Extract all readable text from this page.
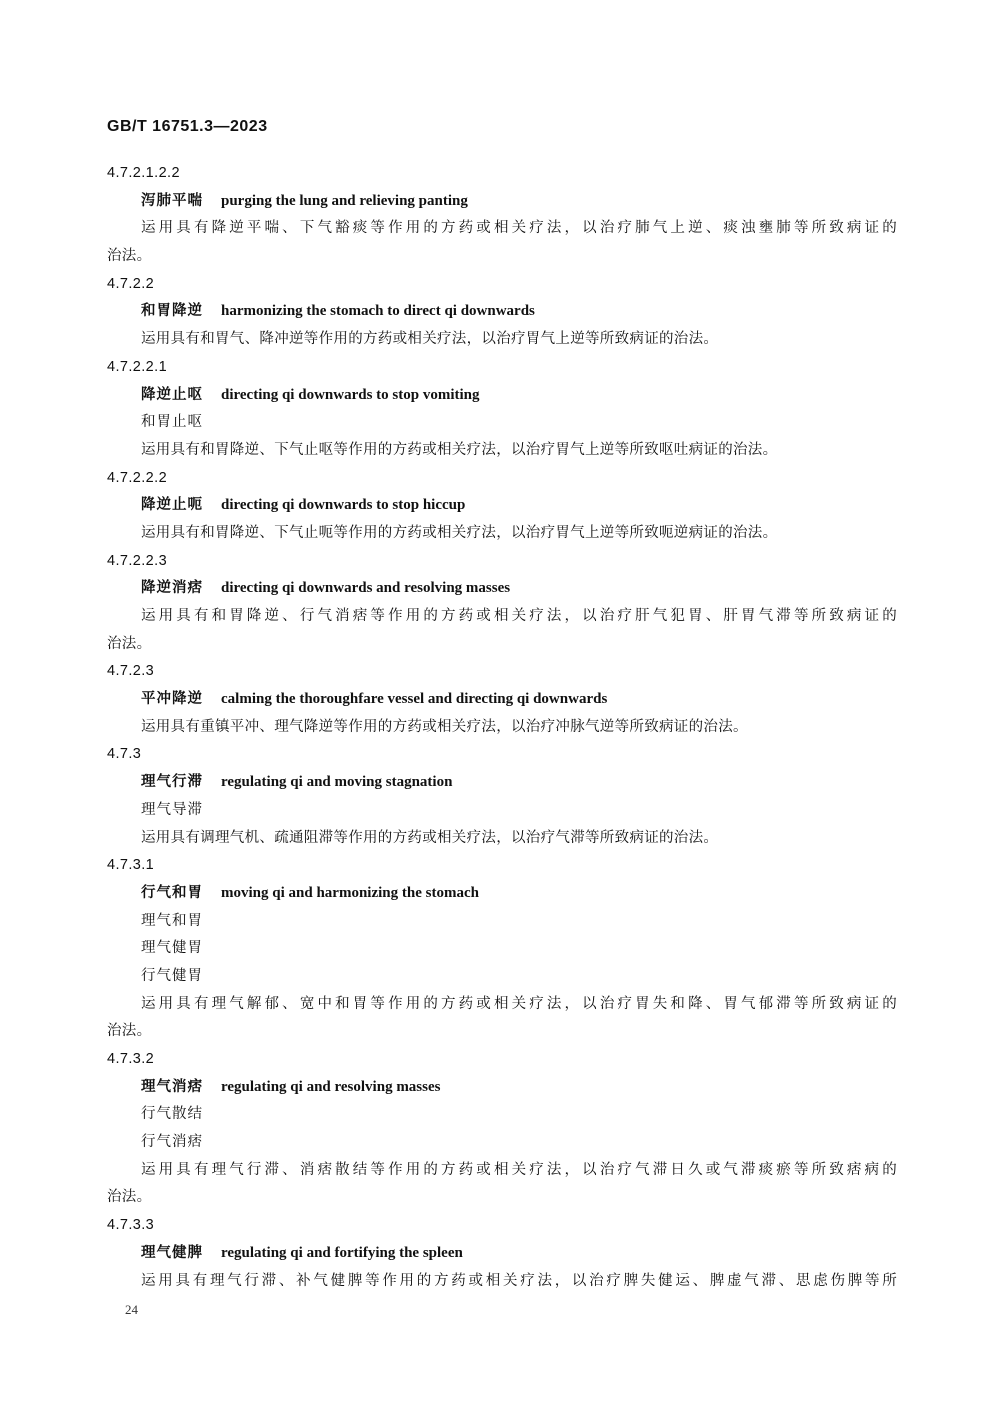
GB/T 16751.3—2023
4.7.2.1.2.2
泻肺平喘 purging the lung and relieving panting
运用具有降逆平喘、下气豁痰等作用的方药或相关疗法，以治疗肺气上逆、痰浊壅肺等所致病证的
治法。
4.7.2.2
和胃降逆 harmonizing the stomach to direct qi downwards
运用具有和胃气、降冲逆等作用的方药或相关疗法，以治疗胃气上逆等所致病证的治法。
4.7.2.2.1
降逆止呕 directing qi downwards to stop vomiting
和胃止呕
运用具有和胃降逆、下气止呕等作用的方药或相关疗法，以治疗胃气上逆等所致呕吐病证的治法。
4.7.2.2.2
降逆止呃 directing qi downwards to stop hiccup
运用具有和胃降逆、下气止呃等作用的方药或相关疗法，以治疗胃气上逆等所致呃逆病证的治法。
4.7.2.2.3
降逆消痞 directing qi downwards and resolving masses
运用具有和胃降逆、行气消痞等作用的方药或相关疗法，以治疗肝气犯胃、肝胃气滞等所致病证的
治法。
4.7.2.3
平冲降逆 calming the thoroughfare vessel and directing qi downwards
运用具有重镇平冲、理气降逆等作用的方药或相关疗法，以治疗冲脉气逆等所致病证的治法。
4.7.3
理气行滞 regulating qi and moving stagnation
理气导滞
运用具有调理气机、疏通阻滞等作用的方药或相关疗法，以治疗气滞等所致病证的治法。
4.7.3.1
行气和胃 moving qi and harmonizing the stomach
理气和胃
理气健胃
行气健胃
运用具有理气解郁、宽中和胃等作用的方药或相关疗法，以治疗胃失和降、胃气郁滞等所致病证的
治法。
4.7.3.2
理气消痞 regulating qi and resolving masses
行气散结
行气消痞
运用具有理气行滞、消痞散结等作用的方药或相关疗法，以治疗气滞日久或气滞痰瘀等所致痞病的
治法。
4.7.3.3
理气健脾 regulating qi and fortifying the spleen
运用具有理气行滞、补气健脾等作用的方药或相关疗法，以治疗脾失健运、脾虚气滞、思虑伤脾等所
24
